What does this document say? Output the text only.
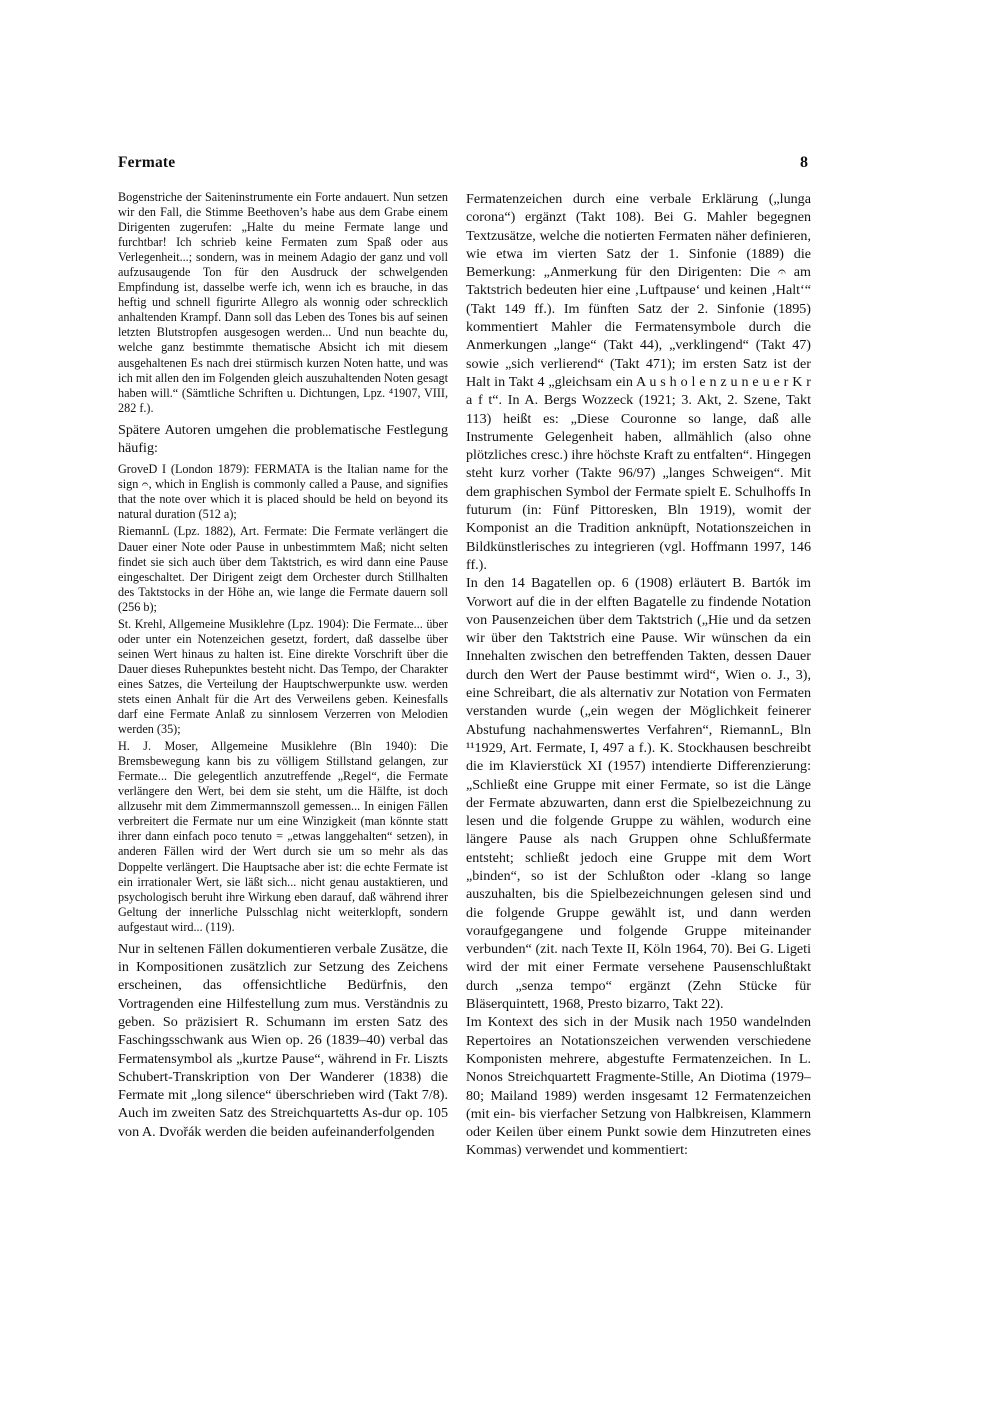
Fermate	8

Bogenstriche der Saiteninstrumente ein Forte andauert. Nun setzen wir den Fall, die Stimme Beethoven’s habe aus dem Grabe einem Dirigenten zugerufen: „Halte du meine Fermate lange und furchtbar! Ich schrieb keine Fermaten zum Spaß oder aus Verlegenheit...; sondern, was in meinem Adagio der ganz und voll aufzusaugende Ton für den Ausdruck der schwelgenden Empfindung ist, dasselbe werfe ich, wenn ich es brauche, in das heftig und schnell figurirte Allegro als wonnig oder schrecklich anhaltenden Krampf. Dann soll das Leben des Tones bis auf seinen letzten Blutstropfen ausgesogen werden... Und nun beachte du, welche ganz bestimmte thematische Absicht ich mit diesem ausgehaltenen Es nach drei stürmisch kurzen Noten hatte, und was ich mit allen den im Folgenden gleich auszuhaltenden Noten gesagt haben will.“ (Sämtliche Schriften u. Dichtungen, Lpz. ⁴1907, VIII, 282 f.).

Spätere Autoren umgehen die problematische Festlegung häufig:

GroveD I (London 1879): FERMATA is the Italian name for the sign 𝄐, which in English is commonly called a Pause, and signifies that the note over which it is placed should be held on beyond its natural duration (512 a);

RiemannL (Lpz. 1882), Art. Fermate: Die Fermate verlängert die Dauer einer Note oder Pause in unbestimmtem Maß; nicht selten findet sie sich auch über dem Taktstrich, es wird dann eine Pause eingeschaltet. Der Dirigent zeigt dem Orchester durch Stillhalten des Taktstocks in der Höhe an, wie lange die Fermate dauern soll (256 b);

St. Krehl, Allgemeine Musiklehre (Lpz. 1904): Die Fermate... über oder unter ein Notenzeichen gesetzt, fordert, daß dasselbe über seinen Wert hinaus zu halten ist. Eine direkte Vorschrift über die Dauer dieses Ruhepunktes besteht nicht. Das Tempo, der Charakter eines Satzes, die Verteilung der Hauptschwerpunkte usw. werden stets einen Anhalt für die Art des Verweilens geben. Keinesfalls darf eine Fermate Anlaß zu sinnlosem Verzerren von Melodien werden (35);

H. J. Moser, Allgemeine Musiklehre (Bln 1940): Die Bremsbewegung kann bis zu völligem Stillstand gelangen, zur Fermate... Die gelegentlich anzutreffende „Regel“, die Fermate verlängere den Wert, bei dem sie steht, um die Hälfte, ist doch allzusehr mit dem Zimmermannszoll gemessen... In einigen Fällen verbreitert die Fermate nur um eine Winzigkeit (man könnte statt ihrer dann einfach poco tenuto = „etwas langgehalten“ setzen), in anderen Fällen wird der Wert durch sie um so mehr als das Doppelte verlängert. Die Hauptsache aber ist: die echte Fermate ist ein irrationaler Wert, sie läßt sich... nicht genau austaktieren, und psychologisch beruht ihre Wirkung eben darauf, daß während ihrer Geltung der innerliche Pulsschlag nicht weiterklopft, sondern aufgestaut wird... (119).

Nur in seltenen Fällen dokumentieren verbale Zusätze, die in Kompositionen zusätzlich zur Setzung des Zeichens erscheinen, das offensichtliche Bedürfnis, den Vortragenden eine Hilfestellung zum mus. Verständnis zu geben. So präzisiert R. Schumann im ersten Satz des Faschingsschwank aus Wien op. 26 (1839–40) verbal das Fermatensymbol als „kurtze Pause“, während in Fr. Liszts Schubert-Transkription von Der Wanderer (1838) die Fermate mit „long silence“ überschrieben wird (Takt 7/8). Auch im zweiten Satz des Streichquartetts As-dur op. 105 von A. Dvořák werden die beiden aufeinanderfolgenden

Fermatenzeichen durch eine verbale Erklärung („lunga corona“) ergänzt (Takt 108). Bei G. Mahler begegnen Textzusätze, welche die notierten Fermaten näher definieren, wie etwa im vierten Satz der 1. Sinfonie (1889) die Bemerkung: „Anmerkung für den Dirigenten: Die 𝄐 am Taktstrich bedeuten hier eine ‚Luftpause‘ und keinen ‚Halt‘“ (Takt 149 ff.). Im fünften Satz der 2. Sinfonie (1895) kommentiert Mahler die Fermatensymbole durch die Anmerkungen „lange“ (Takt 44), „verklingend“ (Takt 47) sowie „sich verlierend“ (Takt 471); im ersten Satz ist der Halt in Takt 4 „gleichsam ein A u s h o l e n z u n e u e r K r a f t“. In A. Bergs Wozzeck (1921; 3. Akt, 2. Szene, Takt 113) heißt es: „Diese Couronne so lange, daß alle Instrumente Gelegenheit haben, allmählich (also ohne plötzliches cresc.) ihre höchste Kraft zu entfalten“. Hingegen steht kurz vorher (Takte 96/97) „langes Schweigen“. Mit dem graphischen Symbol der Fermate spielt E. Schulhoffs In futurum (in: Fünf Pittoresken, Bln 1919), womit der Komponist an die Tradition anknüpft, Notationszeichen in Bildkünstlerisches zu integrieren (vgl. Hoffmann 1997, 146 ff.).

In den 14 Bagatellen op. 6 (1908) erläutert B. Bartók im Vorwort auf die in der elften Bagatelle zu findende Notation von Pausenzeichen über dem Taktstrich („Hie und da setzen wir über den Taktstrich eine Pause. Wir wünschen da ein Innehalten zwischen den betreffenden Takten, dessen Dauer durch den Wert der Pause bestimmt wird“, Wien o. J., 3), eine Schreibart, die als alternativ zur Notation von Fermaten verstanden wurde („ein wegen der Möglichkeit feinerer Abstufung nachahmenswertes Verfahren“, RiemannL, Bln ¹¹1929, Art. Fermate, I, 497 a f.). K. Stockhausen beschreibt die im Klavierstück XI (1957) intendierte Differenzierung: „Schließt eine Gruppe mit einer Fermate, so ist die Länge der Fermate abzuwarten, dann erst die Spielbezeichnung zu lesen und die folgende Gruppe zu wählen, wodurch eine längere Pause als nach Gruppen ohne Schlußfermate entsteht; schließt jedoch eine Gruppe mit dem Wort „binden“, so ist der Schlußton oder -klang so lange auszuhalten, bis die Spielbezeichnungen gelesen sind und die folgende Gruppe gewählt ist, und dann werden voraufgegangene und folgende Gruppe miteinander verbunden“ (zit. nach Texte II, Köln 1964, 70). Bei G. Ligeti wird der mit einer Fermate versehene Pausenschlußtakt durch „senza tempo“ ergänzt (Zehn Stücke für Bläserquintett, 1968, Presto bizarro, Takt 22).

Im Kontext des sich in der Musik nach 1950 wandelnden Repertoires an Notationszeichen verwenden verschiedene Komponisten mehrere, abgestufte Fermatenzeichen. In L. Nonos Streichquartett Fragmente-Stille, An Diotima (1979–80; Mailand 1989) werden insgesamt 12 Fermatenzeichen (mit ein- bis vierfacher Setzung von Halbkreisen, Klammern oder Keilen über einem Punkt sowie dem Hinzutreten eines Kommas) verwendet und kommentiert:
